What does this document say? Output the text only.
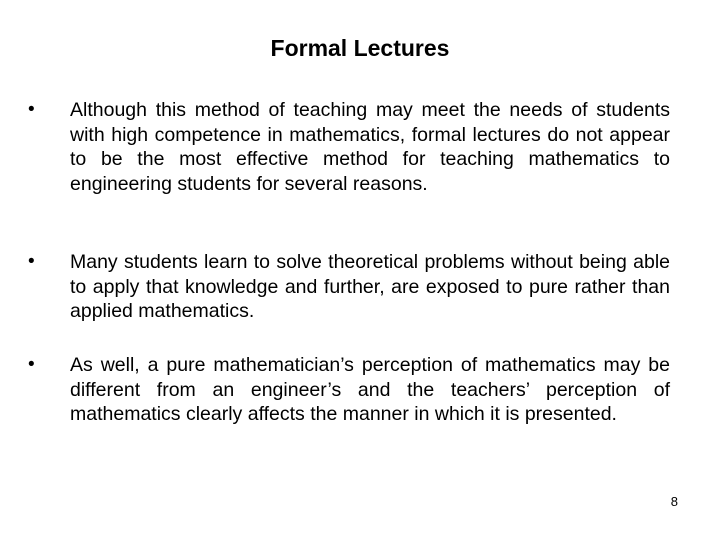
Formal Lectures
•	Although this method of teaching may meet the needs of students with high competence in mathematics, formal lectures do not appear to be the most effective method for teaching mathematics to engineering students for several reasons.

•	Many students learn to solve theoretical problems without being able to apply that knowledge and further, are exposed to pure rather than applied mathematics.

•	As well, a pure mathematician’s perception of mathematics may be different from an engineer’s and the teachers’ perception of mathematics clearly affects the manner in which it is presented.

8
